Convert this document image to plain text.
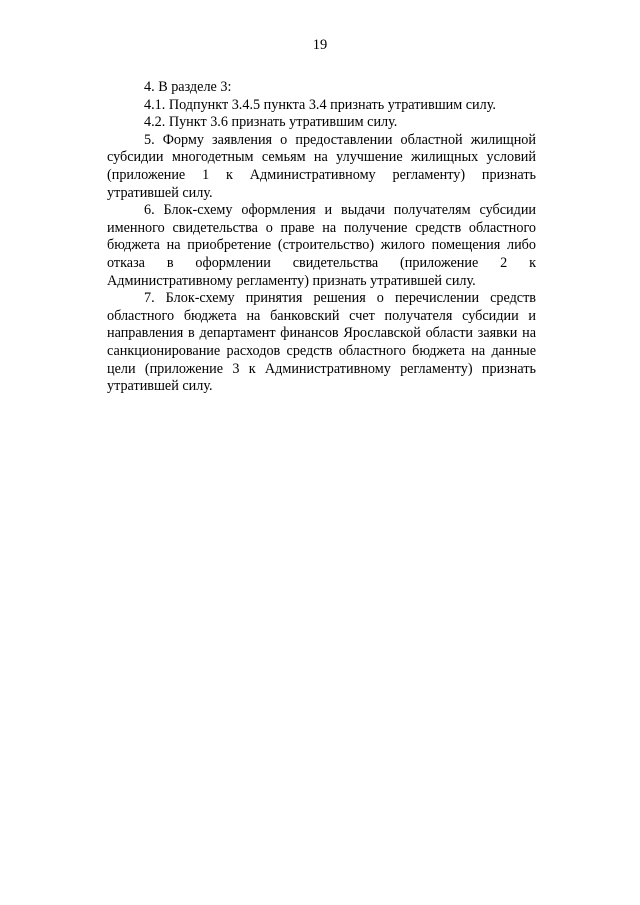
19

4. В разделе 3:

4.1. Подпункт 3.4.5 пункта 3.4 признать утратившим силу.

4.2. Пункт 3.6 признать утратившим силу.

5. Форму заявления о предоставлении областной жилищной субсидии многодетным семьям на улучшение жилищных условий (приложение 1 к Административному регламенту) признать утратившей силу.

6. Блок-схему оформления и выдачи получателям субсидии именного свидетельства о праве на получение средств областного бюджета на приобретение (строительство) жилого помещения либо отказа в оформлении свидетельства (приложение 2 к Административному регламенту) признать утратившей силу.

7. Блок-схему принятия решения о перечислении средств областного бюджета на банковский счет получателя субсидии и направления в департамент финансов Ярославской области заявки на санкционирование расходов средств областного бюджета на данные цели (приложение 3 к Административному регламенту) признать утратившей силу.
